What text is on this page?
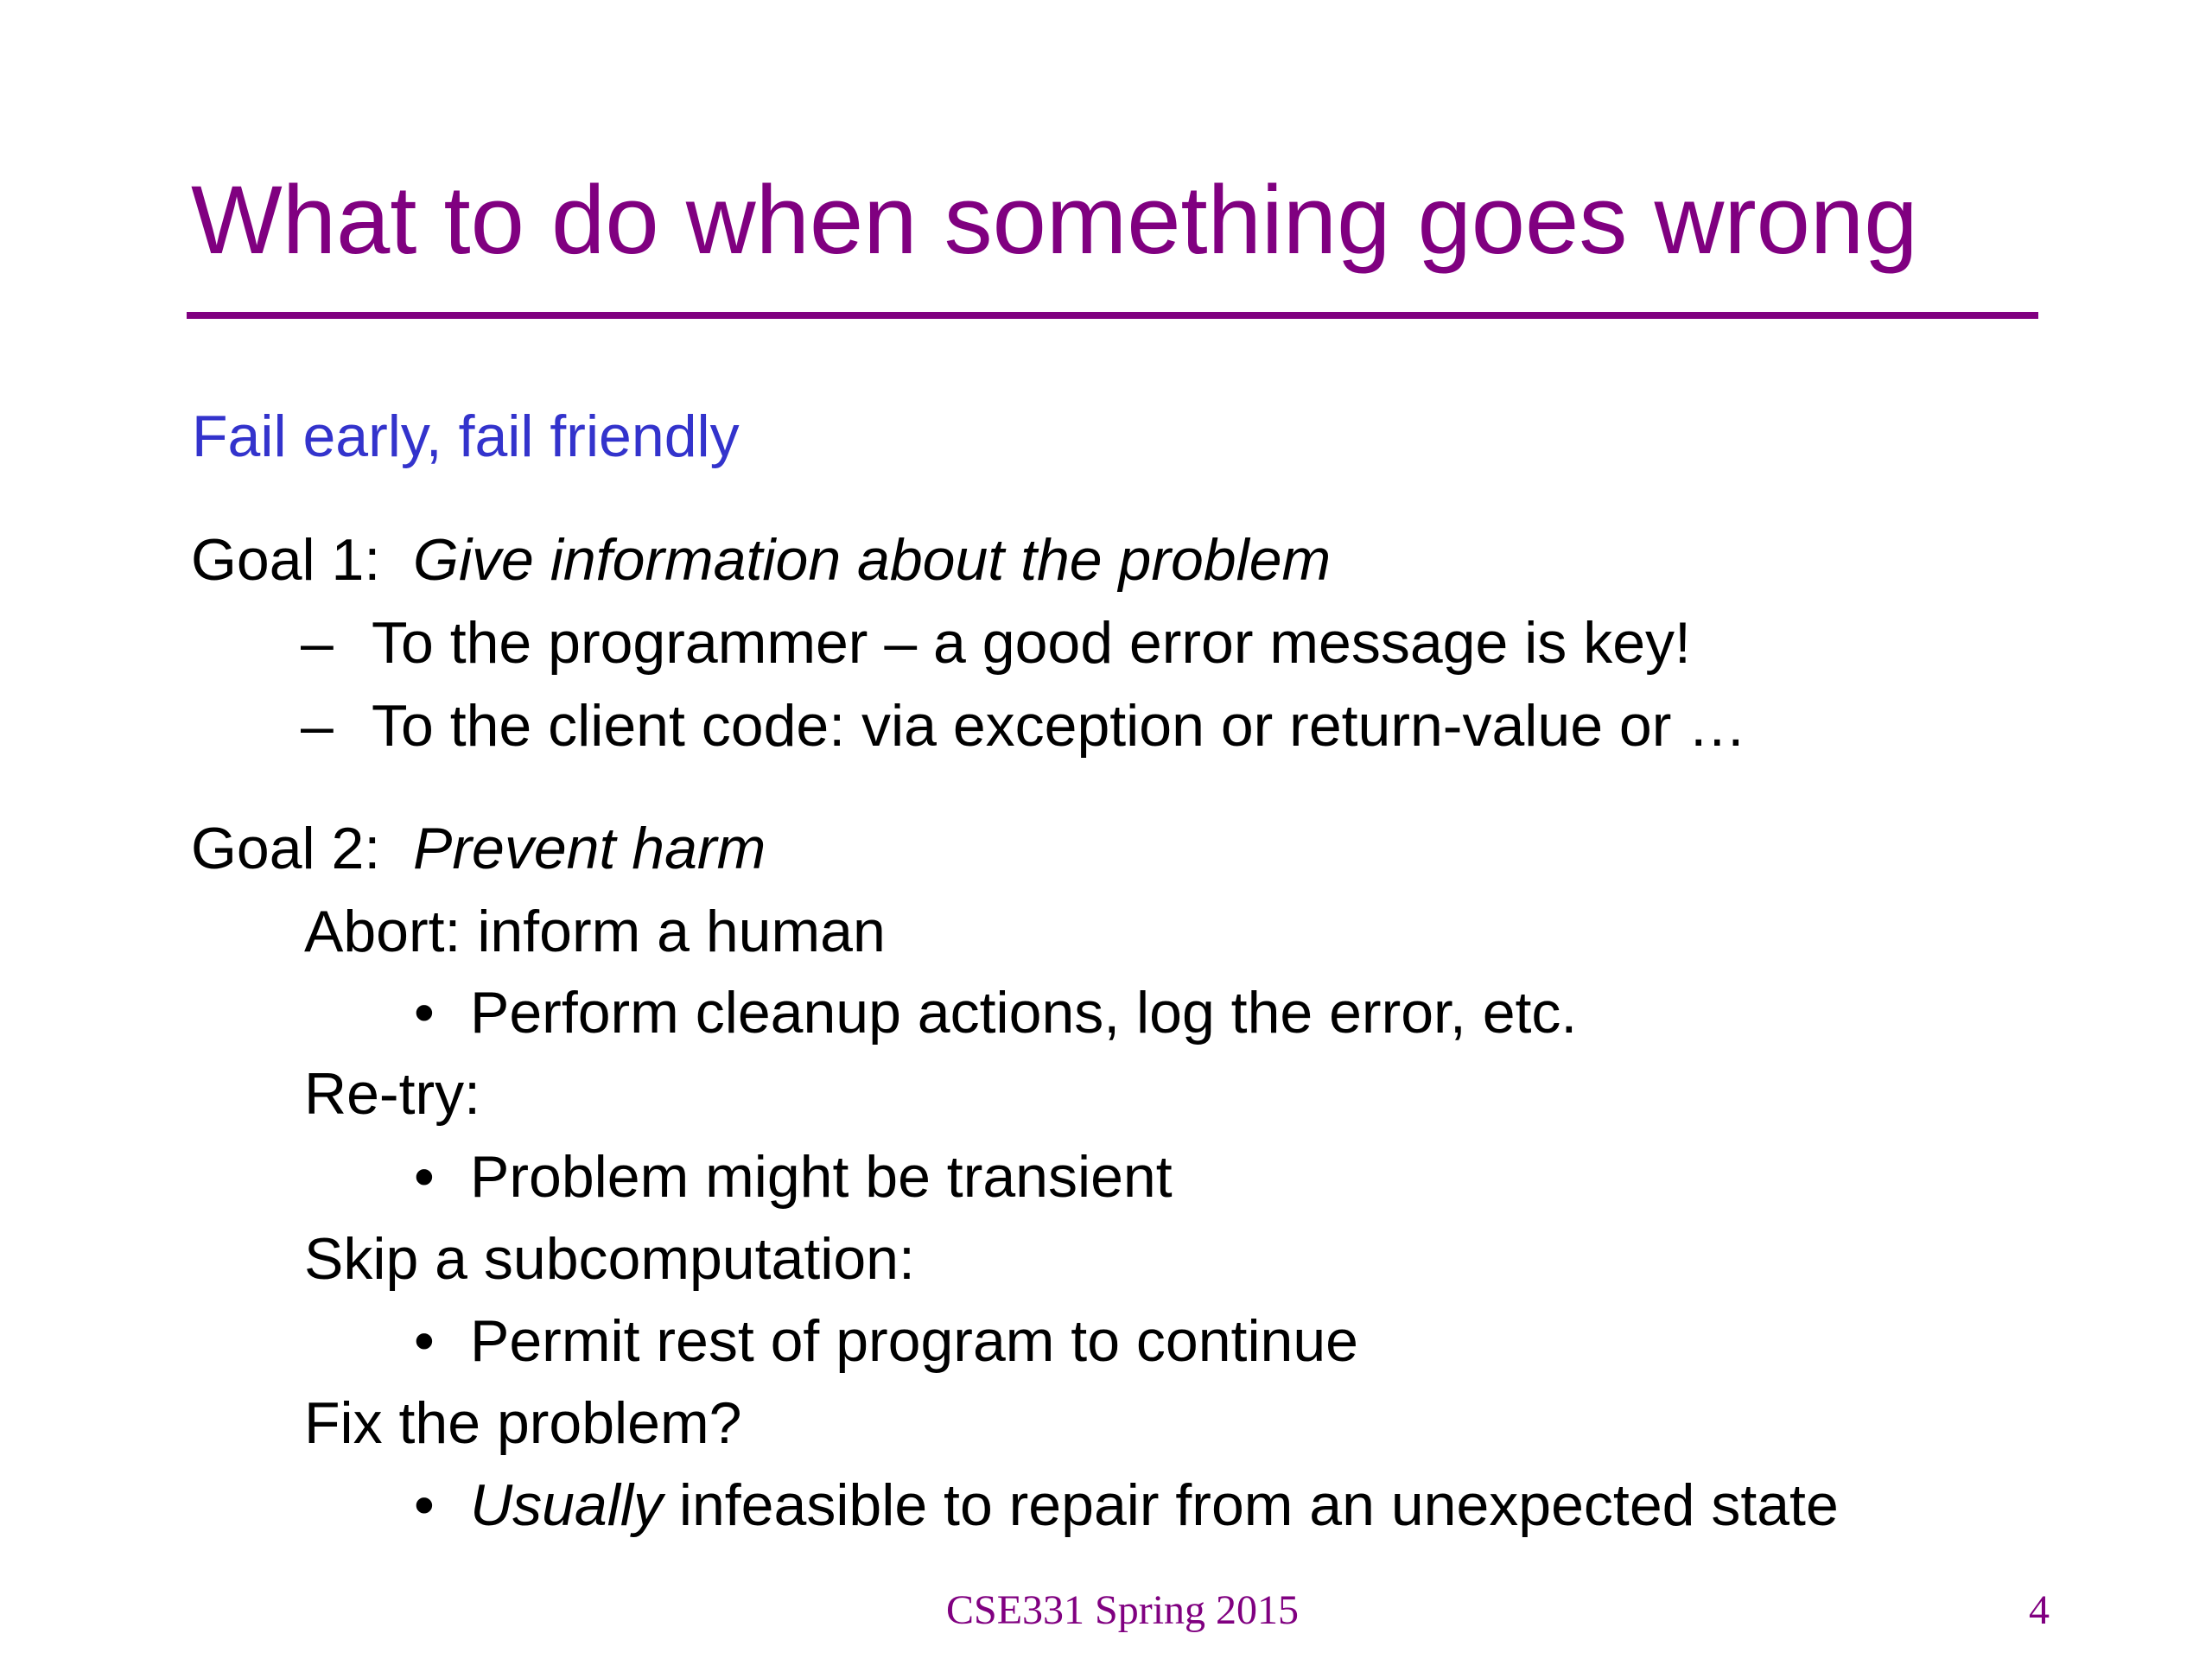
What to do when something goes wrong
Fail early, fail friendly
Goal 1: Give information about the problem
– To the programmer – a good error message is key!
– To the client code: via exception or return-value or …
Goal 2: Prevent harm
Abort: inform a human
• Perform cleanup actions, log the error, etc.
Re-try:
• Problem might be transient
Skip a subcomputation:
• Permit rest of program to continue
Fix the problem?
• Usually infeasible to repair from an unexpected state
CSE331 Spring 2015	4
